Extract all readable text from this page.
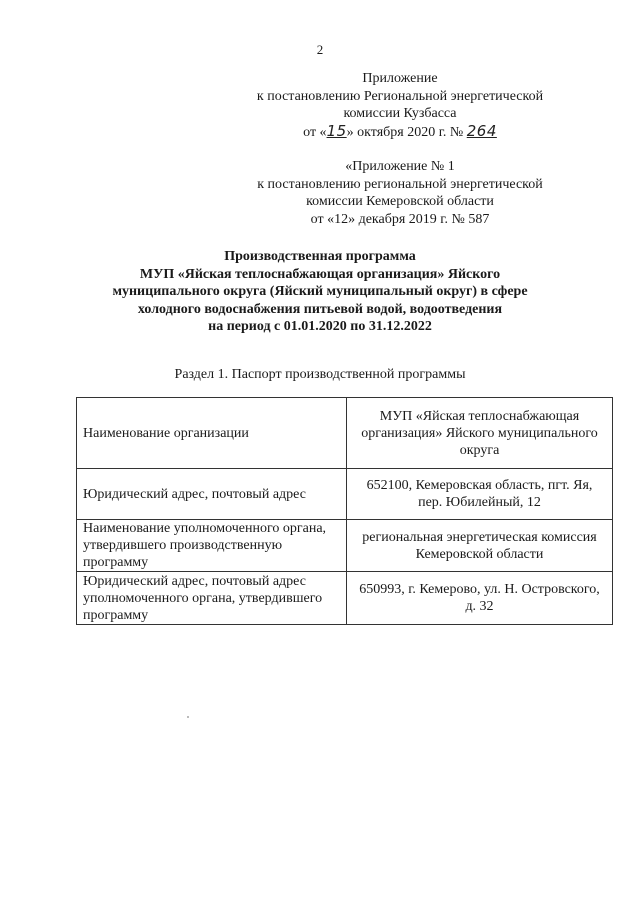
2
Приложение
к постановлению Региональной энергетической
комиссии Кузбасса
от «15» октября 2020 г. № 264
«Приложение № 1
к постановлению региональной энергетической
комиссии Кемеровской области
от «12» декабря 2019 г. № 587
Производственная программа
МУП «Яйская теплоснабжающая организация» Яйского
муниципального округа (Яйский муниципальный округ) в сфере
холодного водоснабжения питьевой водой, водоотведения
на период с 01.01.2020 по 31.12.2022
Раздел 1. Паспорт производственной программы
Наименование организации	МУП «Яйская теплоснабжающая организация» Яйского муниципального округа
Юридический адрес, почтовый адрес	652100, Кемеровская область, пгт. Яя, пер. Юбилейный, 12
Наименование уполномоченного органа, утвердившего производственную программу	региональная энергетическая комиссия Кемеровской области
Юридический адрес, почтовый адрес уполномоченного органа, утвердившего программу	650993, г. Кемерово, ул. Н. Островского, д. 32
